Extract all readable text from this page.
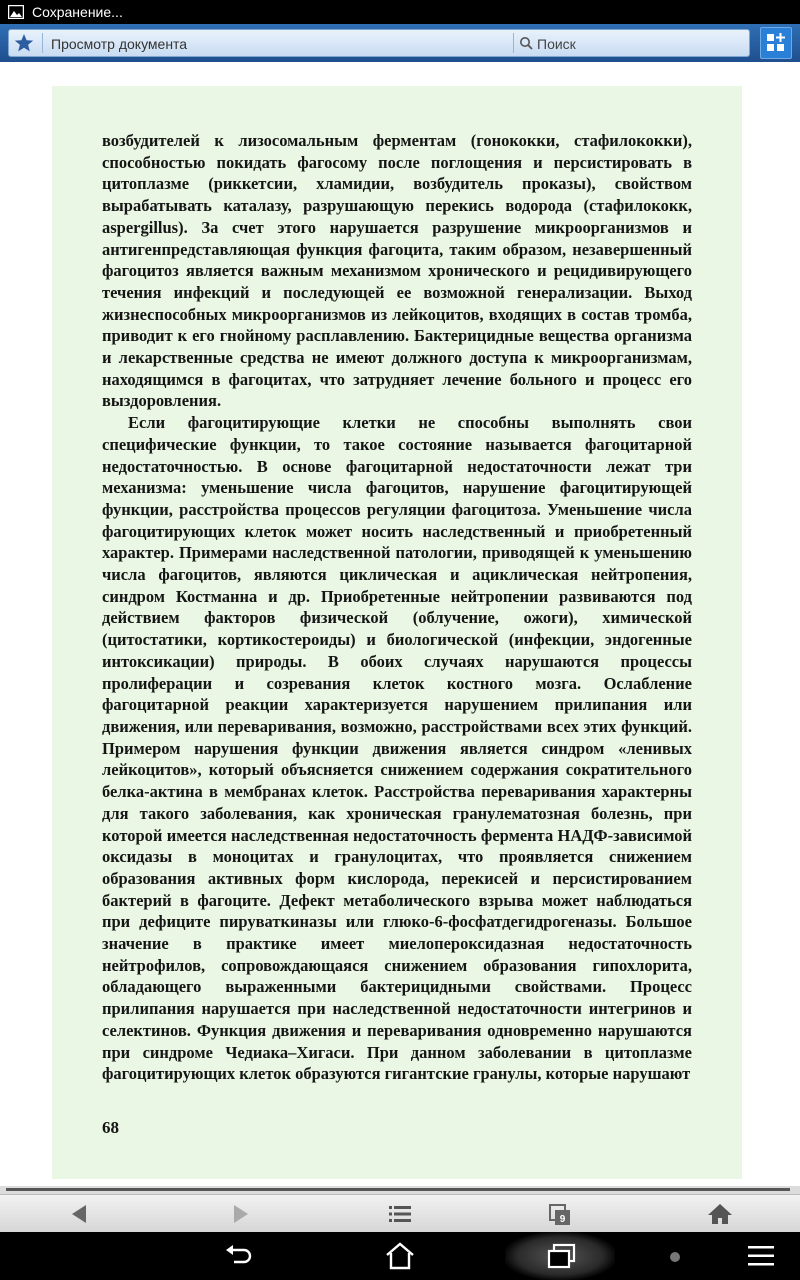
Сохранение...
Просмотр документа	Поиск

возбудителей к лизосомальным ферментам (гонококки, стафилококки), способностью покидать фагосому после поглощения и персистировать в цитоплазме (риккетсии, хламидии, возбудитель проказы), свойством вырабатывать каталазу, разрушающую перекись водорода (стафилококк, aspergillus). За счет этого нарушается разрушение микроорганизмов и антигенпредставляющая функция фагоцита, таким образом, незавершенный фагоцитоз является важным механизмом хронического и рецидивирующего течения инфекций и последующей ее возможной генерализации. Выход жизнеспособных микроорганизмов из лейкоцитов, входящих в состав тромба, приводит к его гнойному расплавлению. Бактерицидные вещества организма и лекарственные средства не имеют должного доступа к микроорганизмам, находящимся в фагоцитах, что затрудняет лечение больного и процесс его выздоровления.

Если фагоцитирующие клетки не способны выполнять свои специфические функции, то такое состояние называется фагоцитарной недостаточностью. В основе фагоцитарной недостаточности лежат три механизма: уменьшение числа фагоцитов, нарушение фагоцитирующей функции, расстройства процессов регуляции фагоцитоза. Уменьшение числа фагоцитирующих клеток может носить наследственный и приобретенный характер. Примерами наследственной патологии, приводящей к уменьшению числа фагоцитов, являются циклическая и ациклическая нейтропения, синдром Костманна и др. Приобретенные нейтропении развиваются под действием факторов физической (облучение, ожоги), химической (цитостатики, кортикостероиды) и биологической (инфекции, эндогенные интоксикации) природы. В обоих случаях нарушаются процессы пролиферации и созревания клеток костного мозга. Ослабление фагоцитарной реакции характеризуется нарушением прилипания или движения, или переваривания, возможно, расстройствами всех этих функций. Примером нарушения функции движения является синдром «ленивых лейкоцитов», который объясняется снижением содержания сократительного белка-актина в мембранах клеток. Расстройства переваривания характерны для такого заболевания, как хроническая гранулематозная болезнь, при которой имеется наследственная недостаточность фермента НАДФ-зависимой оксидазы в моноцитах и гранулоцитах, что проявляется снижением образования активных форм кислорода, перекисей и персистированием бактерий в фагоците. Дефект метаболического взрыва может наблюдаться при дефиците пируваткиназы или глюко-6-фосфатдегидрогеназы. Большое значение в практике имеет миелопероксидазная недостаточность нейтрофилов, сопровождающаяся снижением образования гипохлорита, обладающего выраженными бактерицидными свойствами. Процесс прилипания нарушается при наследственной недостаточности интегринов и селектинов. Функция движения и переваривания одновременно нарушаются при синдроме Чедиака–Хигаси. При данном заболевании в цитоплазме фагоцитирующих клеток образуются гигантские гранулы, которые нарушают

68
9
